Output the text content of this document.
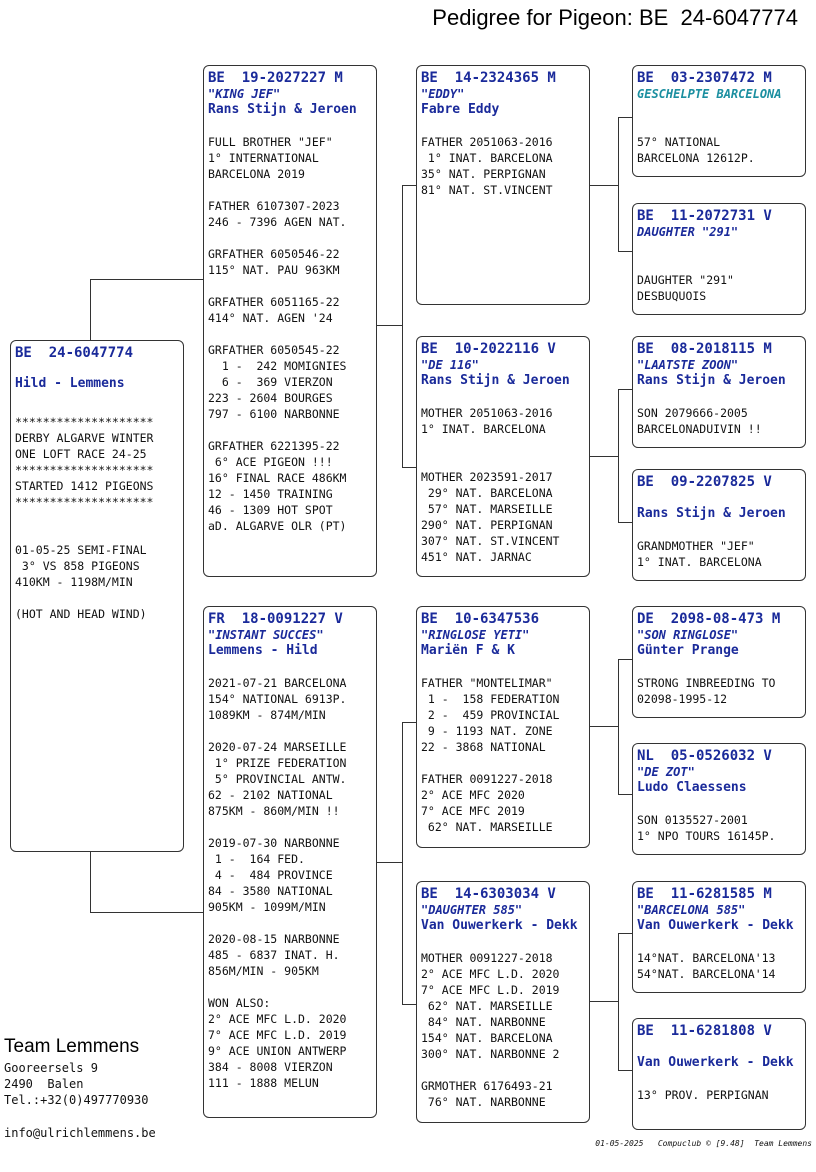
Pedigree for Pigeon: BE  24-6047774
BE  24-6047774
Hild - Lemmens
********************
DERBY ALGARVE WINTER
ONE LOFT RACE 24-25
********************
STARTED 1412 PIGEONS
********************

01-05-25 SEMI-FINAL
3° VS 858 PIGEONS
410KM - 1198M/MIN

(HOT AND HEAD WIND)
BE  19-2027227 M
"KING JEF"
Rans Stijn & Jeroen
FULL BROTHER "JEF"
1° INTERNATIONAL
BARCELONA 2019

FATHER 6107307-2023
246 - 7396 AGEN NAT.

GRFATHER 6050546-22
115° NAT. PAU 963KM

GRFATHER 6051165-22
414° NAT. AGEN '24

GRFATHER 6050545-22
1 -  242 MOMIGNIES
6 -  369 VIERZON
223 - 2604 BOURGES
797 - 6100 NARBONNE

GRFATHER 6221395-22
6° ACE PIGEON !!!
16° FINAL RACE 486KM
12 - 1450 TRAINING
46 - 1309 HOT SPOT
aD. ALGARVE OLR (PT)
FR  18-0091227 V
"INSTANT SUCCES"
Lemmens - Hild
2021-07-21 BARCELONA
154° NATIONAL 6913P.
1089KM - 874M/MIN

2020-07-24 MARSEILLE
1° PRIZE FEDERATION
5° PROVINCIAL ANTW.
62 - 2102 NATIONAL
875KM - 860M/MIN !!

2019-07-30 NARBONNE
1 -  164 FED.
4 -  484 PROVINCE
84 - 3580 NATIONAL
905KM - 1099M/MIN

2020-08-15 NARBONNE
485 - 6837 INAT. H.
856M/MIN - 905KM

WON ALSO:
2° ACE MFC L.D. 2020
7° ACE MFC L.D. 2019
9° ACE UNION ANTWERP
384 - 8008 VIERZON
111 - 1888 MELUN
BE  14-2324365 M
"EDDY"
Fabre Eddy
FATHER 2051063-2016
1° INAT. BARCELONA
35° NAT. PERPIGNAN
81° NAT. ST.VINCENT
BE  10-2022116 V
"DE 116"
Rans Stijn & Jeroen
MOTHER 2051063-2016
1° INAT. BARCELONA

MOTHER 2023591-2017
29° NAT. BARCELONA
57° NAT. MARSEILLE
290° NAT. PERPIGNAN
307° NAT. ST.VINCENT
451° NAT. JARNAC
BE  10-6347536
"RINGLOSE YETI"
Mariën F & K
FATHER "MONTELIMAR"
1 -  158 FEDERATION
2 -  459 PROVINCIAL
9 - 1193 NAT. ZONE
22 - 3868 NATIONAL

FATHER 0091227-2018
2° ACE MFC 2020
7° ACE MFC 2019
62° NAT. MARSEILLE
BE  14-6303034 V
"DAUGHTER 585"
Van Ouwerkerk - Dekk
MOTHER 0091227-2018
2° ACE MFC L.D. 2020
7° ACE MFC L.D. 2019
62° NAT. MARSEILLE
84° NAT. NARBONNE
154° NAT. BARCELONA
300° NAT. NARBONNE 2

GRMOTHER 6176493-21
76° NAT. NARBONNE
BE  03-2307472 M
GESCHELPTE BARCELONA
57° NATIONAL
BARCELONA 12612P.
BE  11-2072731 V
DAUGHTER "291"
DAUGHTER "291"
DESBUQUOIS
BE  08-2018115 M
"LAATSTE ZOON"
Rans Stijn & Jeroen
SON 2079666-2005
BARCELONADUIVIN !!
BE  09-2207825 V
Rans Stijn & Jeroen
GRANDMOTHER "JEF"
1° INAT. BARCELONA
DE  2098-08-473 M
"SON RINGLOSE"
Günter Prange
STRONG INBREEDING TO
02098-1995-12
NL  05-0526032 V
"DE ZOT"
Ludo Claessens
SON 0135527-2001
1° NPO TOURS 16145P.
BE  11-6281585 M
"BARCELONA 585"
Van Ouwerkerk - Dekk
14°NAT. BARCELONA'13
54°NAT. BARCELONA'14
BE  11-6281808 V
Van Ouwerkerk - Dekk
13° PROV. PERPIGNAN
Team Lemmens
Gooreersels 9
2490  Balen
Tel.:+32(0)497770930
info@ulrichlemmens.be
01-05-2025   Compuclub © [9.48]  Team Lemmens
